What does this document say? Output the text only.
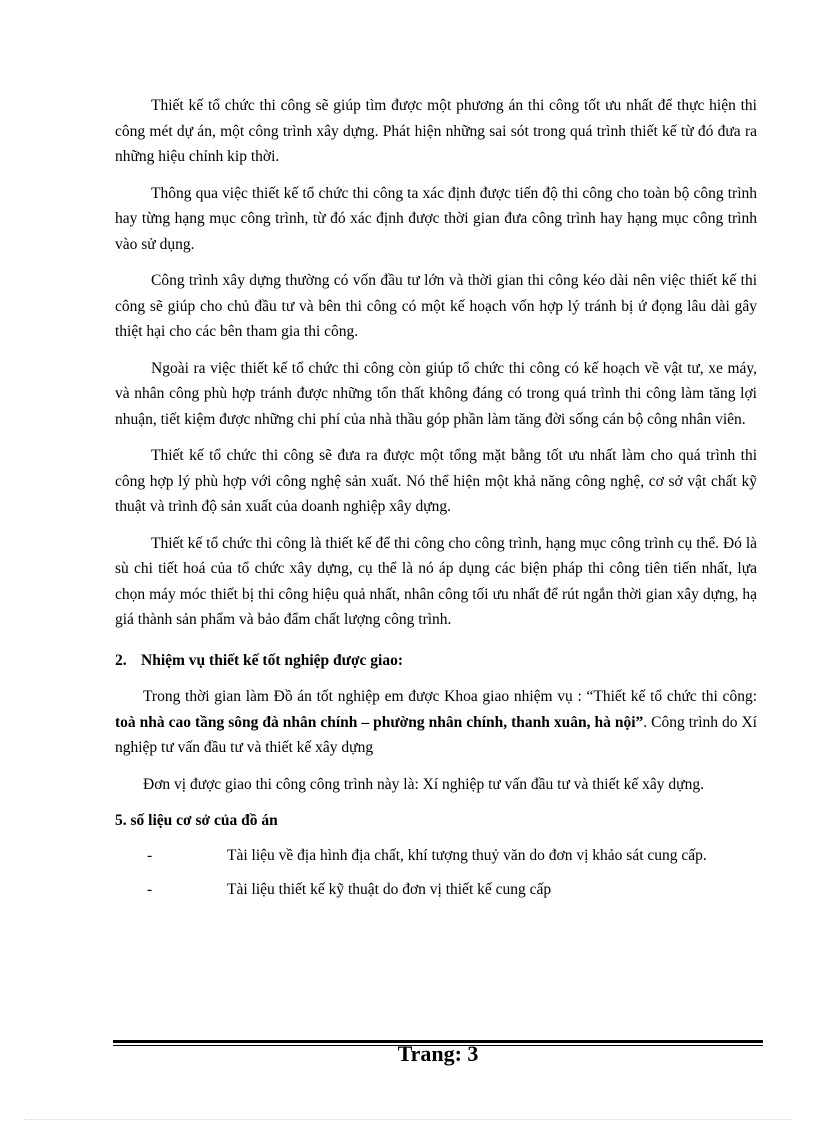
Thiết kế tổ chức thi công sẽ giúp tìm được một phương án thi công tốt ưu nhất để thực hiện thi công mét dự án, một công trình xây dựng. Phát hiện những sai sót trong quá trình thiết kế từ đó đưa ra những hiệu chỉnh kip thời.

Thông qua việc thiết kế tổ chức thi công ta xác định được tiến độ thi công cho toàn bộ công trình hay từng hạng mục công trình, từ đó xác định được thời gian đưa công trình hay hạng mục công trình vào sử dụng.

Công trình xây dựng thường có vốn đầu tư lớn và thời gian thi công kéo dài nên việc thiết kế thi công sẽ giúp cho chủ đầu tư và bên thi công có một kế hoạch vốn hợp lý tránh bị ứ đọng lâu dài gây thiệt hại cho các bên tham gia thi công.

Ngoài ra việc thiết kế tổ chức thi công còn giúp tổ chức thi công có kế hoạch về vật tư, xe máy, và nhân công phù hợp tránh được những tổn thất không đáng có trong quá trình thi công làm tăng lợi nhuận, tiết kiệm được những chi phí của nhà thầu góp phần làm tăng đời sống cán bộ công nhân viên.

Thiết kế tổ chức thi công sẽ đưa ra được một tổng mặt bằng tốt ưu nhất làm cho quá trình thi công hợp lý phù hợp với công nghệ sản xuất. Nó thể hiện một khả năng công nghệ, cơ sở vật chất kỹ thuật và trình độ sản xuất của doanh nghiệp xây dựng.

Thiết kế tổ chức thi công là thiết kế để thi công cho công trình, hạng mục công trình cụ thể. Đó là sù chi tiết hoá của tổ chức xây dựng, cụ thể là nó áp dụng các biện pháp thi công tiên tiến nhất, lựa chọn máy móc thiết bị thi công hiệu quả nhất, nhân công tối ưu nhất để rút ngắn thời gian xây dựng, hạ giá thành sản phẩm và bảo đẩm chất lượng công trình.

2. Nhiệm vụ thiết kế tốt nghiệp được giao:

Trong thời gian làm Đồ án tốt nghiệp em được Khoa giao nhiệm vụ : “Thiết kế tổ chức thi công: toà nhà cao tầng sông đà nhân chính – phường nhân chính, thanh xuân, hà nội”. Công trình do Xí nghiệp tư vấn đầu tư và thiết kế xây dựng

Đơn vị được giao thi công công trình này là: Xí nghiệp tư vấn đầu tư và thiết kế xây dựng.

5. số liệu cơ sở của đồ án
-	Tài liệu về địa hình địa chất, khí tượng thuỷ văn do đơn vị khảo sát cung cấp.
-	Tài liệu thiết kế kỹ thuật do đơn vị thiết kế cung cấp
Trang: 3
